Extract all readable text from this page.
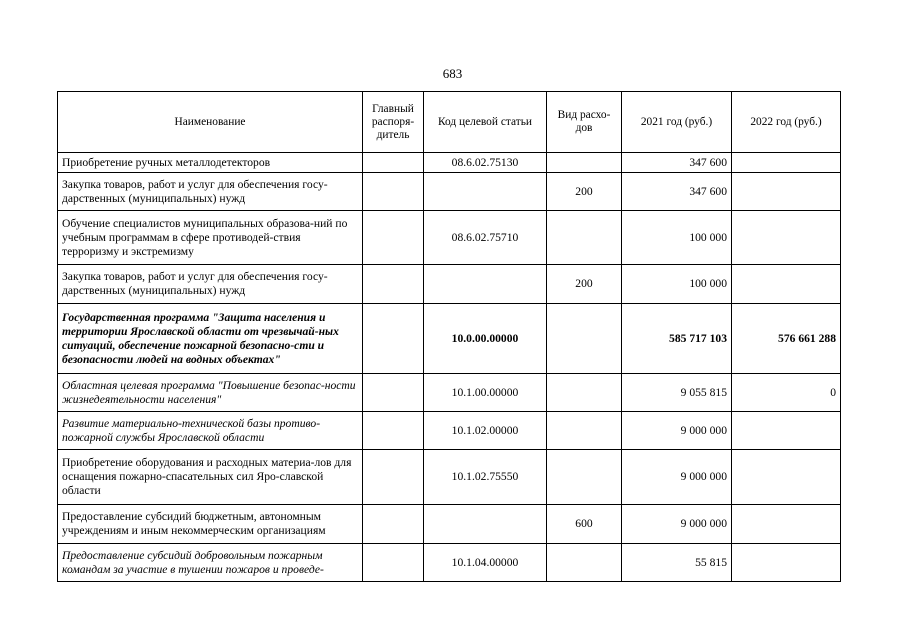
683
Наименование	Главный распоря-дитель	Код целевой статьи	Вид расхо-дов	2021 год (руб.)	2022 год (руб.)
Приобретение ручных металлодетекторов		08.6.02.75130		347 600	
Закупка товаров, работ и услуг для обеспечения госу-дарственных (муниципальных) нужд			200	347 600	
Обучение специалистов муниципальных образова-ний по учебным программам в сфере противодей-ствия терроризму и экстремизму		08.6.02.75710		100 000	
Закупка товаров, работ и услуг для обеспечения госу-дарственных (муниципальных) нужд			200	100 000	
Государственная программа "Защита населения и территории Ярославской области от чрезвычай-ных ситуаций, обеспечение пожарной безопасно-сти и безопасности людей на водных объектах"		10.0.00.00000		585 717 103	576 661 288
Областная целевая программа "Повышение безопас-ности жизнедеятельности населения"		10.1.00.00000		9 055 815	0
Развитие материально-технической базы противо-пожарной службы Ярославской области		10.1.02.00000		9 000 000	
Приобретение оборудования и расходных материа-лов для оснащения пожарно-спасательных сил Яро-славской области		10.1.02.75550		9 000 000	
Предоставление субсидий бюджетным, автономным учреждениям и иным некоммерческим организациям			600	9 000 000	
Предоставление субсидий добровольным пожарным командам за участие в тушении пожаров и проведе-		10.1.04.00000		55 815	
